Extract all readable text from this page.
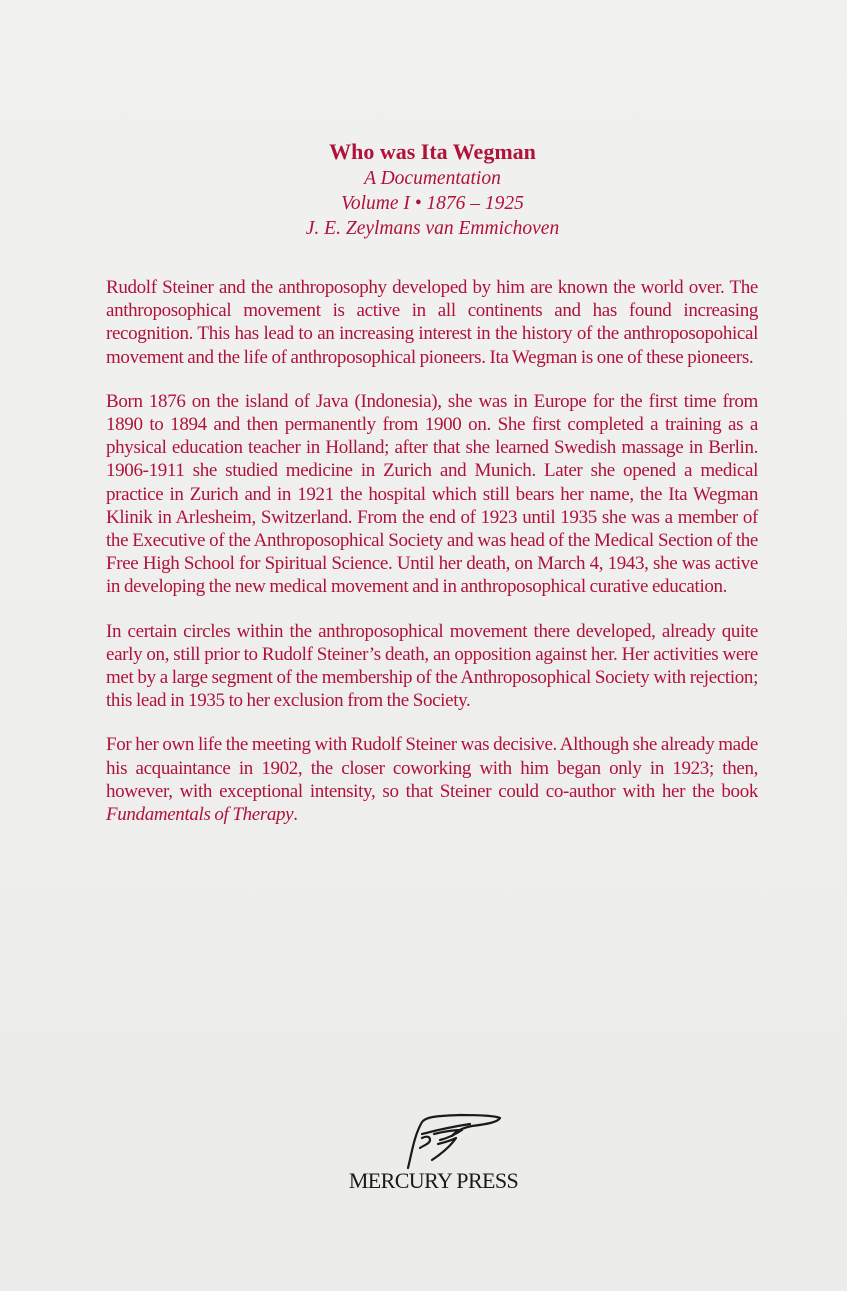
Who was Ita Wegman

A Documentation

Volume I • 1876 – 1925

J. E. Zeylmans van Emmichoven

Rudolf Steiner and the anthroposophy developed by him are known the world over. The anthroposophical movement is active in all continents and has found increasing recognition. This has lead to an increasing interest in the history of the anthroposopohical movement and the life of anthroposophical pioneers. Ita Wegman is one of these pioneers.

Born 1876 on the island of Java (Indonesia), she was in Europe for the first time from 1890 to 1894 and then permanently from 1900 on. She first completed a training as a physical education teacher in Holland; after that she learned Swedish massage in Berlin. 1906-1911 she studied medicine in Zurich and Munich. Later she opened a medical practice in Zurich and in 1921 the hospital which still bears her name, the Ita Wegman Klinik in Arlesheim, Switzerland. From the end of 1923 until 1935 she was a member of the Executive of the Anthroposophical Society and was head of the Medical Section of the Free High School for Spiritual Science. Until her death, on March 4, 1943, she was active in developing the new medical movement and in anthroposophical curative education.

In certain circles within the anthroposophical movement there developed, already quite early on, still prior to Rudolf Steiner’s death, an opposition against her. Her activities were met by a large segment of the membership of the Anthroposophical Society with rejection; this lead in 1935 to her exclusion from the Society.

For her own life the meeting with Rudolf Steiner was decisive. Although she already made his acquaintance in 1902, the closer coworking with him began only in 1923; then, however, with exceptional intensity, so that Steiner could co-author with her the book Fundamentals of Therapy.

MERCURY PRESS
